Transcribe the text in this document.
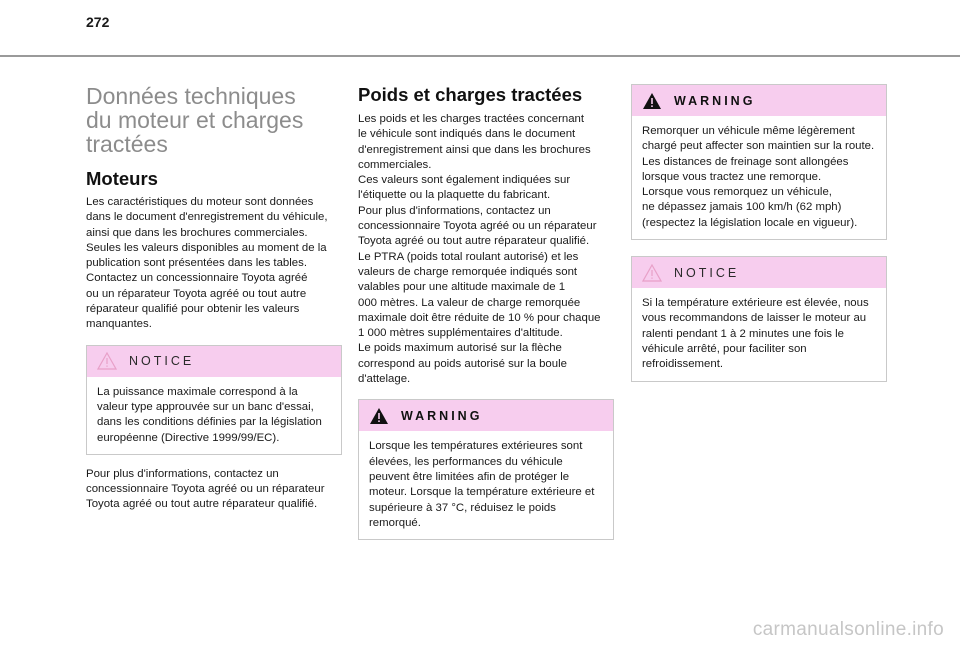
272
Données techniques
du moteur et charges
tractées
Moteurs

Les caractéristiques du moteur sont données
dans le document d'enregistrement du véhicule,
ainsi que dans les brochures commerciales.
Seules les valeurs disponibles au moment de la
publication sont présentées dans les tables.
Contactez un concessionnaire Toyota agréé
ou un réparateur Toyota agréé ou tout autre
réparateur qualifié pour obtenir les valeurs
manquantes.

NOTICE

La puissance maximale correspond à la
valeur type approuvée sur un banc d'essai,
dans les conditions définies par la législation
européenne (Directive 1999/99/EC).

Pour plus d'informations, contactez un
concessionnaire Toyota agréé ou un réparateur
Toyota agréé ou tout autre réparateur qualifié.

Poids et charges tractées

Les poids et les charges tractées concernant
le véhicule sont indiqués dans le document
d'enregistrement ainsi que dans les brochures
commerciales.
Ces valeurs sont également indiquées sur
l'étiquette ou la plaquette du fabricant.
Pour plus d'informations, contactez un
concessionnaire Toyota agréé ou un réparateur
Toyota agréé ou tout autre réparateur qualifié.
Le PTRA (poids total roulant autorisé) et les
valeurs de charge remorquée indiqués sont
valables pour une altitude maximale de 1
000 mètres. La valeur de charge remorquée
maximale doit être réduite de 10 % pour chaque
1 000 mètres supplémentaires d'altitude.
Le poids maximum autorisé sur la flèche
correspond au poids autorisé sur la boule
d'attelage.

WARNING

Lorsque les températures extérieures sont
élevées, les performances du véhicule
peuvent être limitées afin de protéger le
moteur. Lorsque la température extérieure et
supérieure à 37 °C, réduisez le poids
remorqué.

WARNING

Remorquer un véhicule même légèrement
chargé peut affecter son maintien sur la route.
Les distances de freinage sont allongées
lorsque vous tractez une remorque.
Lorsque vous remorquez un véhicule,
ne dépassez jamais 100 km/h (62 mph)
(respectez la législation locale en vigueur).

NOTICE

Si la température extérieure est élevée, nous
vous recommandons de laisser le moteur au
ralenti pendant 1 à 2 minutes une fois le
véhicule arrêté, pour faciliter son
refroidissement.

carmanualsonline.info
